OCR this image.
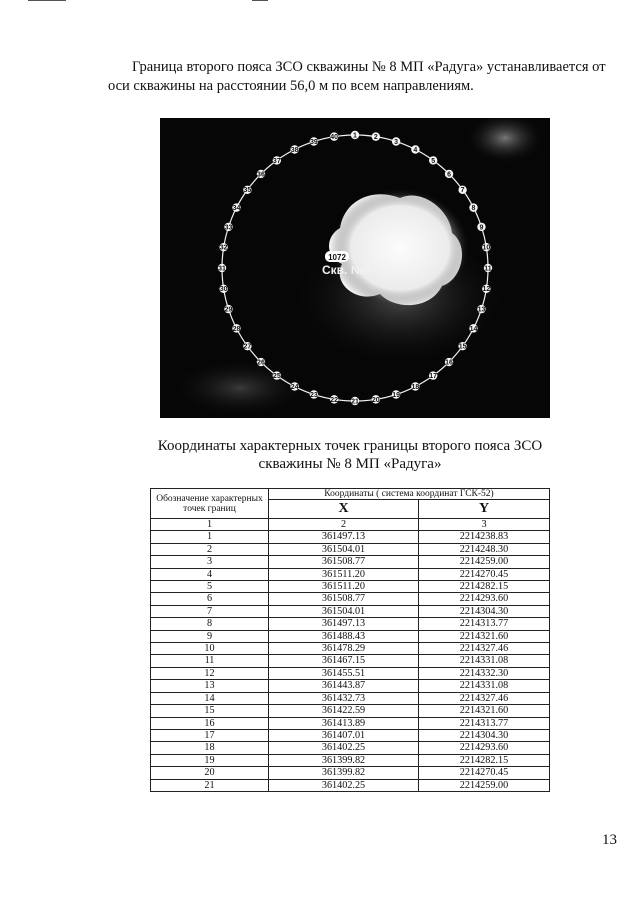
Граница второго пояса ЗСО скважины № 8 МП «Радуга» устанавливается от оси скважины на расстоянии 56,0 м по всем направлениям.

1 2
3
4
5
6
7
8
9
10
11
12
13
14
15
16
17
18
19
20
21
22
23
24
25
26
27
28
29
30
31
32
33
34
35
36
37
38
39
40
1072
Скв. №8

Координаты характерных точек границы второго пояса ЗСО
скважины № 8 МП «Радуга»

Обозначение характерных точек границ	Координаты ( система координат ГСК-52)	
	X	Y
1	2	3
1	361497.13	2214238.83
2	361504.01	2214248.30
3	361508.77	2214259.00
4	361511.20	2214270.45
5	361511.20	2214282.15
6	361508.77	2214293.60
7	361504.01	2214304.30
8	361497.13	2214313.77
9	361488.43	2214321.60
10	361478.29	2214327.46
11	361467.15	2214331.08
12	361455.51	2214332.30
13	361443.87	2214331.08
14	361432.73	2214327.46
15	361422.59	2214321.60
16	361413.89	2214313.77
17	361407.01	2214304.30
18	361402.25	2214293.60
19	361399.82	2214282.15
20	361399.82	2214270.45
21	361402.25	2214259.00
13
